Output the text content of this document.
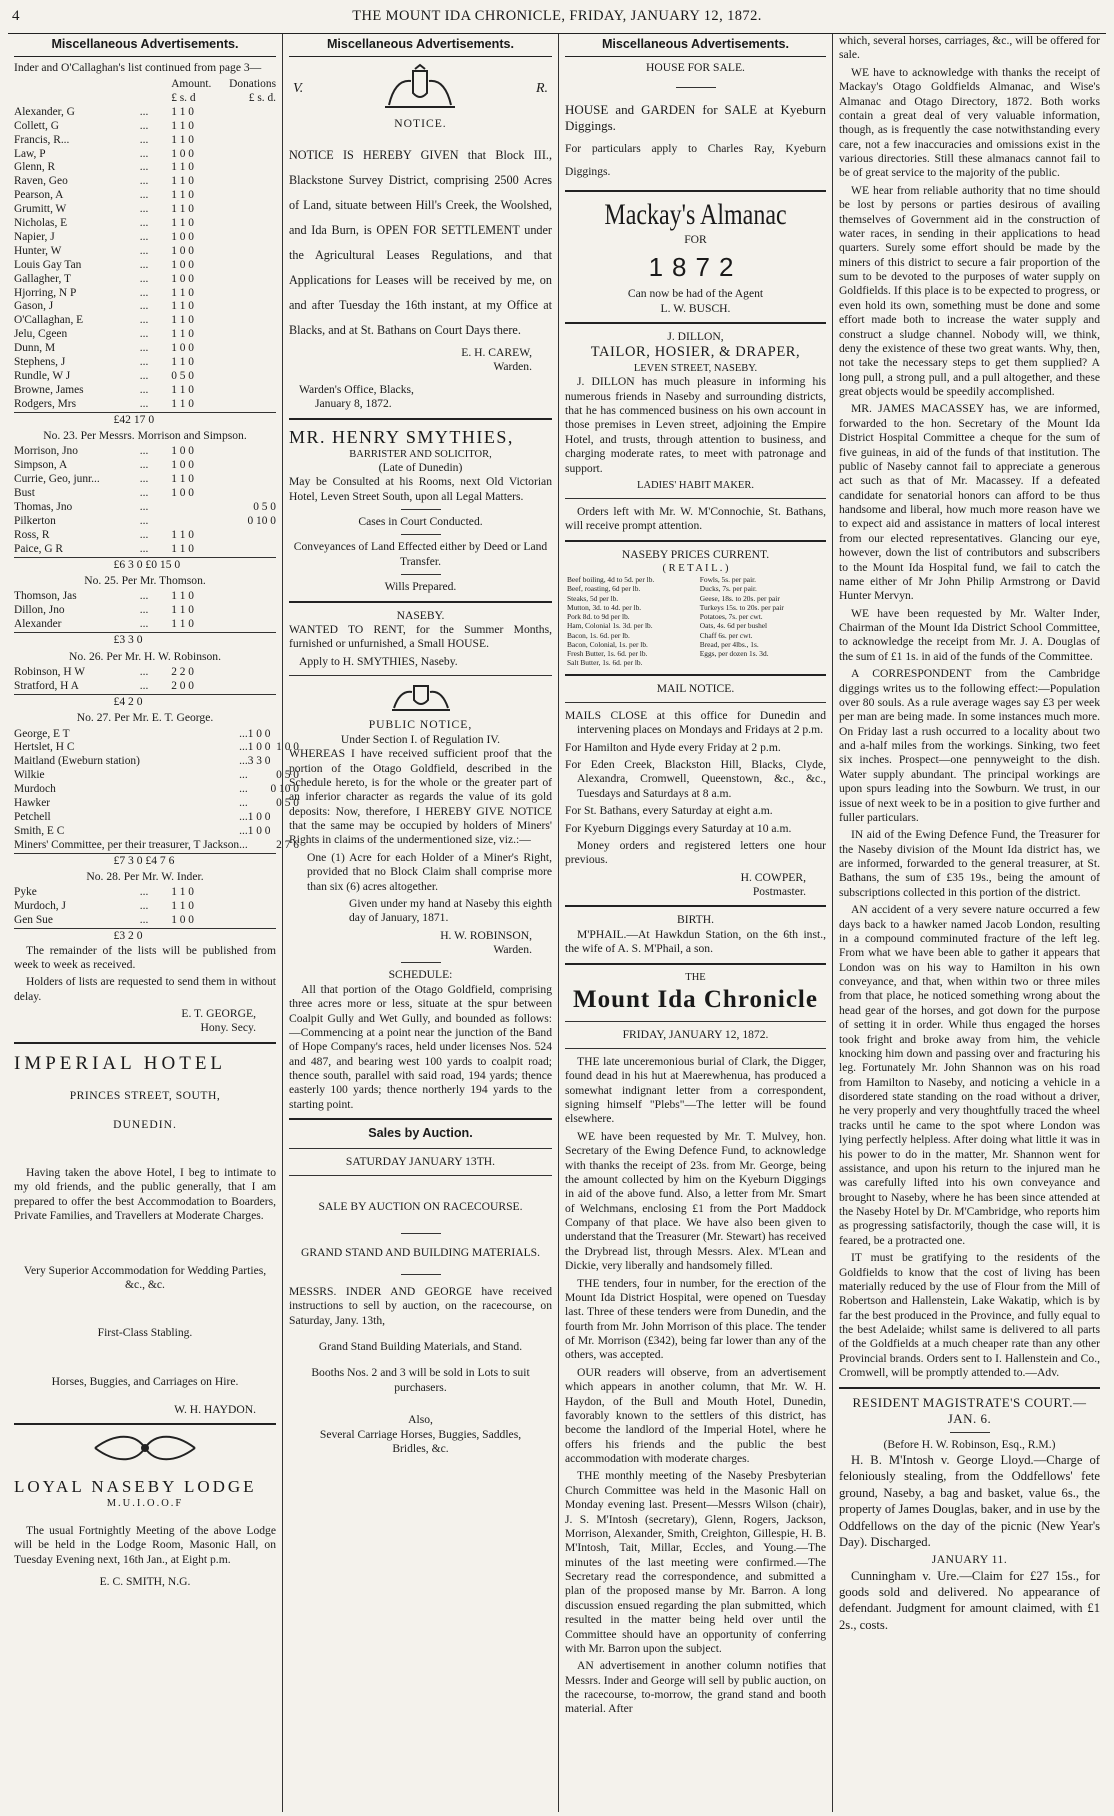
4	THE MOUNT IDA CHRONICLE, FRIDAY, JANUARY 12, 1872.
Miscellaneous Advertisements.

Inder and O'Callaghan's list continued from page 3—

		Amount.	Donations
		£ s. d	£ s. d.
Alexander, G	...	1 1 0	
Collett, G	...	1 1 0	
Francis, R...	...	1 1 0	
Law, P	...	1 0 0	
Glenn, R	...	1 1 0	
Raven, Geo	...	1 1 0	
Pearson, A	...	1 1 0	
Grumitt, W	...	1 1 0	
Nicholas, E	...	1 1 0	
Napier, J	...	1 0 0	
Hunter, W	...	1 0 0	
Louis Gay Tan	...	1 0 0	
Gallagher, T	...	1 0 0	
Hjorring, N P	...	1 1 0	
Gason, J	...	1 1 0	
O'Callaghan, E	...	1 1 0	
Jelu, Cgeen	...	1 1 0	
Dunn, M	...	1 0 0	
Stephens, J	...	1 1 0	
Rundle, W J	...	0 5 0	
Browne, James	...	1 1 0	
Rodgers, Mrs	...	1 1 0	
£42 17 0
No. 23. Per Messrs. Morrison and Simpson.
Morrison, Jno	...	1 0 0	
Simpson, A	...	1 0 0	
Currie, Geo, junr...	...	1 1 0	
Bust	...	1 0 0	
Thomas, Jno	...		0 5 0
Pilkerton	...		0 10 0
Ross, R	...	1 1 0	
Paice, G R	...	1 1 0	
£6 3 0 £0 15 0
No. 25. Per Mr. Thomson.
Thomson, Jas	...	1 1 0	
Dillon, Jno	...	1 1 0	
Alexander	...	1 1 0	
£3 3 0
No. 26. Per Mr. H. W. Robinson.
Robinson, H W	...	2 2 0	
Stratford, H A	...	2 0 0	
£4 2 0
No. 27. Per Mr. E. T. George.
George, E T	...	1 0 0	
Hertslet, H C	...	1 0 0	1 0 0
Maitland (Eweburn station)	...	3 3 0	
Wilkie	...		0 5 0
Murdoch	...		0 10 0
Hawker	...		0 5 0
Petchell	...	1 0 0	
Smith, E C	...	1 0 0	
Miners' Committee, per their treasurer, T Jackson	...		2 7 6
£7 3 0 £4 7 6
No. 28. Per Mr. W. Inder.
Pyke	...	1 1 0	
Murdoch, J	...	1 1 0	
Gen Sue	...	1 0 0	
£3 2 0

The remainder of the lists will be published from week to week as received.

Holders of lists are requested to send them in without delay.

E. T. GEORGE,
Hony. Secy.
IMPERIAL HOTEL
PRINCES STREET, SOUTH,
DUNEDIN.

Having taken the above Hotel, I beg to intimate to my old friends, and the public generally, that I am prepared to offer the best Accommodation to Boarders, Private Families, and Travellers at Moderate Charges.

Very Superior Accommodation for Wedding Parties, &c., &c.
First-Class Stabling.
Horses, Buggies, and Carriages on Hire.
W. H. HAYDON.
LOYAL NASEBY LODGE
M.U.I.O.O.F

The usual Fortnightly Meeting of the above Lodge will be held in the Lodge Room, Masonic Hall, on Tuesday Evening next, 16th Jan., at Eight p.m.

E. C. SMITH, N.G.
Miscellaneous Advertisements.
V.	R.
NOTICE.

NOTICE IS HEREBY GIVEN that Block III., Blackstone Survey District, comprising 2500 Acres of Land, situate between Hill's Creek, the Woolshed, and Ida Burn, is OPEN FOR SETTLEMENT under the Agricultural Leases Regulations, and that Applications for Leases will be received by me, on and after Tuesday the 16th instant, at my Office at Blacks, and at St. Bathans on Court Days there.

E. H. CAREW,
Warden.
Warden's Office, Blacks,
January 8, 1872.
MR. HENRY SMYTHIES,
BARRISTER AND SOLICITOR,
(Late of Dunedin)

May be Consulted at his Rooms, next Old Victorian Hotel, Leven Street South, upon all Legal Matters.

Cases in Court Conducted.
Conveyances of Land Effected either by Deed or Land Transfer.
Wills Prepared.
NASEBY.

WANTED TO RENT, for the Summer Months, furnished or unfurnished, a Small HOUSE.

Apply to H. SMYTHIES, Naseby.
PUBLIC NOTICE,
Under Section I. of Regulation IV.

WHEREAS I have received sufficient proof that the portion of the Otago Goldfield, described in the Schedule hereto, is for the whole or the greater part of an inferior character as regards the value of its gold deposits: Now, therefore, I HEREBY GIVE NOTICE that the same may be occupied by holders of Miners' Rights in claims of the undermentioned size, viz.:—

One (1) Acre for each Holder of a Miner's Right, provided that no Block Claim shall comprise more than six (6) acres altogether.

Given under my hand at Naseby this eighth day of January, 1871.

H. W. ROBINSON,
Warden.
SCHEDULE:

All that portion of the Otago Goldfield, comprising three acres more or less, situate at the spur between Coalpit Gully and Wet Gully, and bounded as follows:—Commencing at a point near the junction of the Band of Hope Company's races, held under licenses Nos. 524 and 487, and bearing west 100 yards to coalpit road; thence south, parallel with said road, 194 yards; thence easterly 100 yards; thence northerly 194 yards to the starting point.

Sales by Auction.
SATURDAY JANUARY 13TH.
SALE BY AUCTION ON RACECOURSE.
GRAND STAND AND BUILDING MATERIALS.

MESSRS. INDER AND GEORGE have received instructions to sell by auction, on the racecourse, on Saturday, Jany. 13th,

Grand Stand Building Materials, and Stand.
Booths Nos. 2 and 3 will be sold in Lots to suit purchasers.
Also,
Several Carriage Horses, Buggies, Saddles, Bridles, &c.
Miscellaneous Advertisements.
HOUSE FOR SALE.

HOUSE and GARDEN for SALE at Kyeburn Diggings.

For particulars apply to Charles Ray, Kyeburn Diggings.

Mackay's Almanac
FOR
1872
Can now be had of the Agent
L. W. BUSCH.
J. DILLON,
TAILOR, HOSIER, & DRAPER,
LEVEN STREET, NASEBY.

J. DILLON has much pleasure in informing his numerous friends in Naseby and surrounding districts, that he has commenced business on his own account in those premises in Leven street, adjoining the Empire Hotel, and trusts, through attention to business, and charging moderate rates, to meet with patronage and support.

LADIES' HABIT MAKER.

Orders left with Mr. W. M'Connochie, St. Bathans, will receive prompt attention.

NASEBY PRICES CURRENT.
( R E T A I L . )
Beef boiling, 4d to 5d. per lb.	Fowls, 5s. per pair.
Beef, roasting, 6d per lb.	Ducks, 7s. per pair.
Steaks, 5d per lb.	Geese, 18s. to 20s. per pair
Mutton, 3d. to 4d. per lb.	Turkeys 15s. to 20s. per pair
Pork 8d. to 9d per lb.	Potatoes, 7s. per cwt.
Ham, Colonial 1s. 3d. per lb.	Oats, 4s. 6d per bushel
Bacon, 1s. 6d. per lb.	Chaff 6s. per cwt.
Bacon, Colonial, 1s. per lb.	Bread, per 4lbs., 1s.
Fresh Butter, 1s. 6d. per lb.	Eggs, per dozen 1s. 3d.
Salt Butter, 1s. 6d. per lb.	
MAIL NOTICE.

MAILS CLOSE at this office for Dunedin and intervening places on Mondays and Fridays at 2 p.m.

For Hamilton and Hyde every Friday at 2 p.m.

For Eden Creek, Blackston Hill, Blacks, Clyde, Alexandra, Cromwell, Queenstown, &c., &c., Tuesdays and Saturdays at 8 a.m.

For St. Bathans, every Saturday at eight a.m.

For Kyeburn Diggings every Saturday at 10 a.m.

Money orders and registered letters one hour previous.

H. COWPER,
Postmaster.
BIRTH.

M'PHAIL.—At Hawkdun Station, on the 6th inst., the wife of A. S. M'Phail, a son.

THE
Mount Ida Chronicle
FRIDAY, JANUARY 12, 1872.

THE late unceremonious burial of Clark, the Digger, found dead in his hut at Maerewhenua, has produced a somewhat indignant letter from a correspondent, signing himself "Plebs"—The letter will be found elsewhere.

WE have been requested by Mr. T. Mulvey, hon. Secretary of the Ewing Defence Fund, to acknowledge with thanks the receipt of 23s. from Mr. George, being the amount collected by him on the Kyeburn Diggings in aid of the above fund. Also, a letter from Mr. Smart of Welchmans, enclosing £1 from the Port Maddock Company of that place. We have also been given to understand that the Treasurer (Mr. Stewart) has received the Drybread list, through Messrs. Alex. M'Lean and Dickie, very liberally and handsomely filled.

THE tenders, four in number, for the erection of the Mount Ida District Hospital, were opened on Tuesday last. Three of these tenders were from Dunedin, and the fourth from Mr. John Morrison of this place. The tender of Mr. Morrison (£342), being far lower than any of the others, was accepted.

OUR readers will observe, from an advertisement which appears in another column, that Mr. W. H. Haydon, of the Bull and Mouth Hotel, Dunedin, favorably known to the settlers of this district, has become the landlord of the Imperial Hotel, where he offers his friends and the public the best accommodation with moderate charges.

THE monthly meeting of the Naseby Presbyterian Church Committee was held in the Masonic Hall on Monday evening last. Present—Messrs Wilson (chair), J. S. M'Intosh (secretary), Glenn, Rogers, Jackson, Morrison, Alexander, Smith, Creighton, Gillespie, H. B. M'Intosh, Tait, Millar, Eccles, and Young.—The minutes of the last meeting were confirmed.—The Secretary read the correspondence, and submitted a plan of the proposed manse by Mr. Barron. A long discussion ensued regarding the plan submitted, which resulted in the matter being held over until the Committee should have an opportunity of conferring with Mr. Barron upon the subject.

AN advertisement in another column notifies that Messrs. Inder and George will sell by public auction, on the racecourse, to-morrow, the grand stand and booth material. After

which, several horses, carriages, &c., will be offered for sale.

WE have to acknowledge with thanks the receipt of Mackay's Otago Goldfields Almanac, and Wise's Almanac and Otago Directory, 1872. Both works contain a great deal of very valuable information, though, as is frequently the case notwithstanding every care, not a few inaccuracies and omissions exist in the various directories. Still these almanacs cannot fail to be of great service to the majority of the public.

WE hear from reliable authority that no time should be lost by persons or parties desirous of availing themselves of Government aid in the construction of water races, in sending in their applications to head quarters. Surely some effort should be made by the miners of this district to secure a fair proportion of the sum to be devoted to the purposes of water supply on Goldfields. If this place is to be expected to progress, or even hold its own, something must be done and some effort made both to increase the water supply and construct a sludge channel. Nobody will, we think, deny the existence of these two great wants. Why, then, not take the necessary steps to get them supplied? A long pull, a strong pull, and a pull altogether, and these great objects would be speedily accomplished.

MR. JAMES MACASSEY has, we are informed, forwarded to the hon. Secretary of the Mount Ida District Hospital Committee a cheque for the sum of five guineas, in aid of the funds of that institution. The public of Naseby cannot fail to appreciate a generous act such as that of Mr. Macassey. If a defeated candidate for senatorial honors can afford to be thus handsome and liberal, how much more reason have we to expect aid and assistance in matters of local interest from our elected representatives. Glancing our eye, however, down the list of contributors and subscribers to the Mount Ida Hospital fund, we fail to catch the name either of Mr John Philip Armstrong or David Hunter Mervyn.

WE have been requested by Mr. Walter Inder, Chairman of the Mount Ida District School Committee, to acknowledge the receipt from Mr. J. A. Douglas of the sum of £1 1s. in aid of the funds of the Committee.

A CORRESPONDENT from the Cambridge diggings writes us to the following effect:—Population over 80 souls. As a rule average wages say £3 per week per man are being made. In some instances much more. On Friday last a rush occurred to a locality about two and a-half miles from the workings. Sinking, two feet six inches. Prospect—one pennyweight to the dish. Water supply abundant. The principal workings are upon spurs leading into the Sowburn. We trust, in our issue of next week to be in a position to give further and fuller particulars.

IN aid of the Ewing Defence Fund, the Treasurer for the Naseby division of the Mount Ida district has, we are informed, forwarded to the general treasurer, at St. Bathans, the sum of £35 19s., being the amount of subscriptions collected in this portion of the district.

AN accident of a very severe nature occurred a few days back to a hawker named Jacob London, resulting in a compound comminuted fracture of the left leg. From what we have been able to gather it appears that London was on his way to Hamilton in his own conveyance, and that, when within two or three miles from that place, he noticed something wrong about the head gear of the horses, and got down for the purpose of setting it in order. While thus engaged the horses took fright and broke away from him, the vehicle knocking him down and passing over and fracturing his leg. Fortunately Mr. John Shannon was on his road from Hamilton to Naseby, and noticing a vehicle in a disordered state standing on the road without a driver, he very properly and very thoughtfully traced the wheel tracks until he came to the spot where London was lying perfectly helpless. After doing what little it was in his power to do in the matter, Mr. Shannon went for assistance, and upon his return to the injured man he was carefully lifted into his own conveyance and brought to Naseby, where he has been since attended at the Naseby Hotel by Dr. M'Cambridge, who reports him as progressing satisfactorily, though the case will, it is feared, be a protracted one.

IT must be gratifying to the residents of the Goldfields to know that the cost of living has been materially reduced by the use of Flour from the Mill of Robertson and Hallenstein, Lake Wakatip, which is by far the best produced in the Province, and fully equal to the best Adelaide; whilst same is delivered to all parts of the Goldfields at a much cheaper rate than any other Provincial brands. Orders sent to I. Hallenstein and Co., Cromwell, will be promptly attended to.—Adv.

RESIDENT MAGISTRATE'S COURT.—JAN. 6.
(Before H. W. Robinson, Esq., R.M.)

H. B. M'Intosh v. George Lloyd.—Charge of feloniously stealing, from the Oddfellows' fete ground, Naseby, a bag and basket, value 6s., the property of James Douglas, baker, and in use by the Oddfellows on the day of the picnic (New Year's Day). Discharged.

JANUARY 11.

Cunningham v. Ure.—Claim for £27 15s., for goods sold and delivered. No appearance of defendant. Judgment for amount claimed, with £1 2s., costs.
